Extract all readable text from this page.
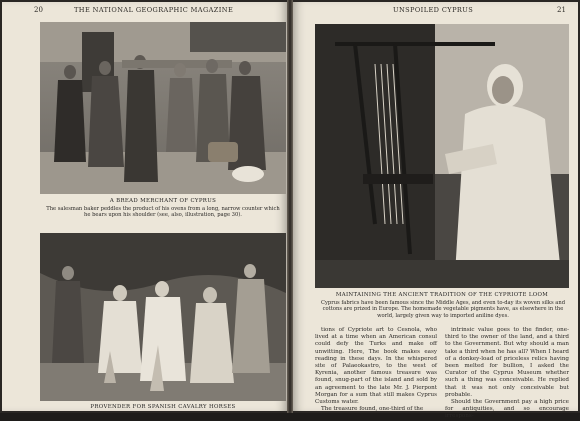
20	THE NATIONAL GEOGRAPHIC MAGAZINE
A BREAD MERCHANT OF CYPRUS
The salesman baker peddles the product of his ovens from a long, narrow counter which he bears upon his shoulder (see, also, illustration, page 30).
PROVENDER FOR SPANISH CAVALRY HORSES
UNSPOILED CYPRUS	21
MAINTAINING THE ANCIENT TRADITION OF THE CYPRIOTE LOOM
Cyprus fabrics have been famous since the Middle Ages, and even to-day its woven silks and cottons are prized in Europe. The homemade vegetable pigments have, as elsewhere in the world, largely given way to imported aniline dyes.

tions of Cypriote art to Cesnola, who lived at a time when an American consul could defy the Turks and make off unwitting. Here, The book makes easy reading in these days. In the whispered site of Palaeokastro, to the west of Kyrenia, another famous treasure was found, snug-part of the island and sold by an agreement to the late Mr. J. Pierpont Morgan for a sum that still makes Cyprus Customs water.

The treasure found, one-third of the

intrinsic value goes to the finder, one-third to the owner of the land, and a third to the Government. But why should a man take a third when he has all? When I heard of a donkey-load of priceless relics having been melted for bullion, I asked the Curator of the Cyprus Museum whether such a thing was conceivable. He replied that it was not only conceivable but probable.

Should the Government pay a high price for antiquities, and so encourage irrespons-
